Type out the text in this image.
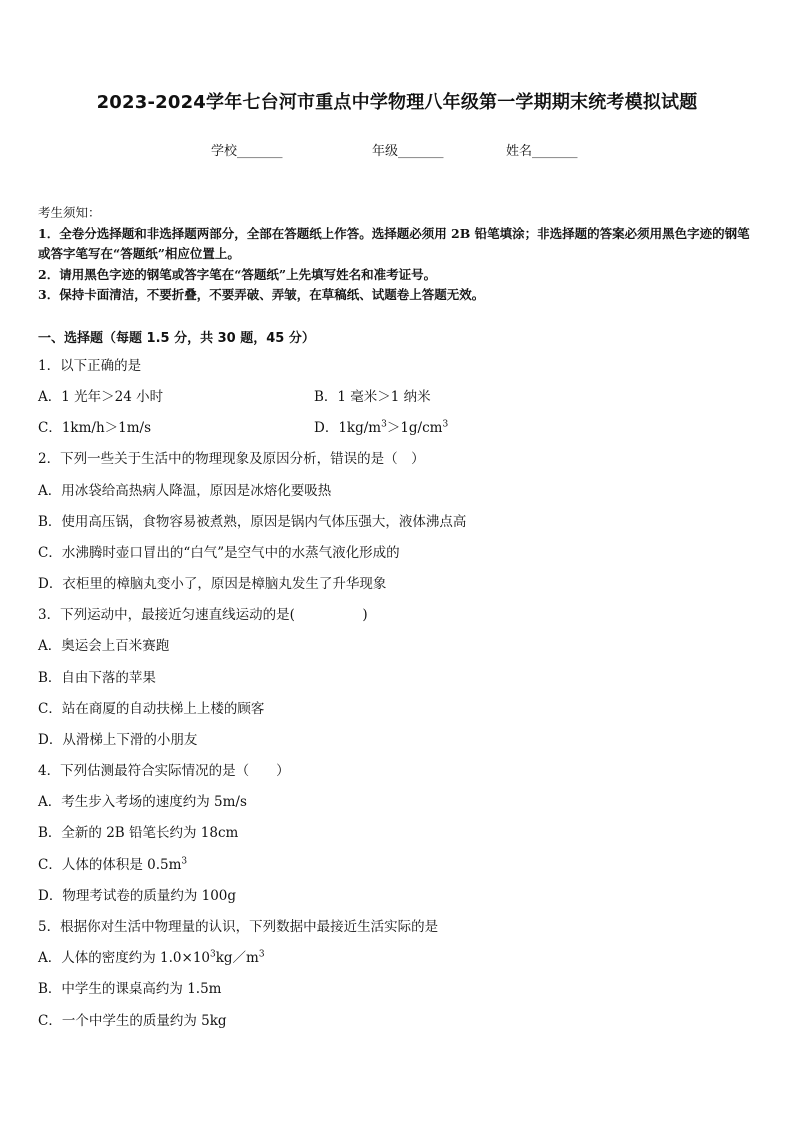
2023-2024学年七台河市重点中学物理八年级第一学期期末统考模拟试题
学校_______	年级_______	姓名_______

考生须知：

1．全卷分选择题和非选择题两部分，全部在答题纸上作答。选择题必须用 2B 铅笔填涂；非选择题的答案必须用黑色字迹的钢笔或答字笔写在“答题纸”相应位置上。

2．请用黑色字迹的钢笔或答字笔在“答题纸”上先填写姓名和准考证号。

3．保持卡面清洁，不要折叠，不要弄破、弄皱，在草稿纸、试题卷上答题无效。

一、选择题（每题 1.5 分，共 30 题，45 分）
1．以下正确的是
A．1 光年＞24 小时	B．1 毫米＞1 纳米
C．1km/h＞1m/s	D．$1kg/m^3>1g/cm^3$
2．下列一些关于生活中的物理现象及原因分析，错误的是（　）
A．用冰袋给高热病人降温，原因是冰熔化要吸热
B．使用高压锅，食物容易被煮熟，原因是锅内气体压强大，液体沸点高
C．水沸腾时壶口冒出的“白气”是空气中的水蒸气液化形成的
D．衣柜里的樟脑丸变小了，原因是樟脑丸发生了升华现象
3．下列运动中，最接近匀速直线运动的是(　　　　　)
A．奥运会上百米赛跑
B．自由下落的苹果
C．站在商厦的自动扶梯上上楼的顾客
D．从滑梯上下滑的小朋友
4．下列估测最符合实际情况的是（　　）
A．考生步入考场的速度约为 5m/s
B．全新的 2B 铅笔长约为 18cm
C．人体的体积是 $0.5m^3$
D．物理考试卷的质量约为 100g
5．根据你对生活中物理量的认识，下列数据中最接近生活实际的是
A．人体的密度约为 $1.0\times 10^3kg/m^3$
B．中学生的课桌高约为 1.5m
C．一个中学生的质量约为 5kg
